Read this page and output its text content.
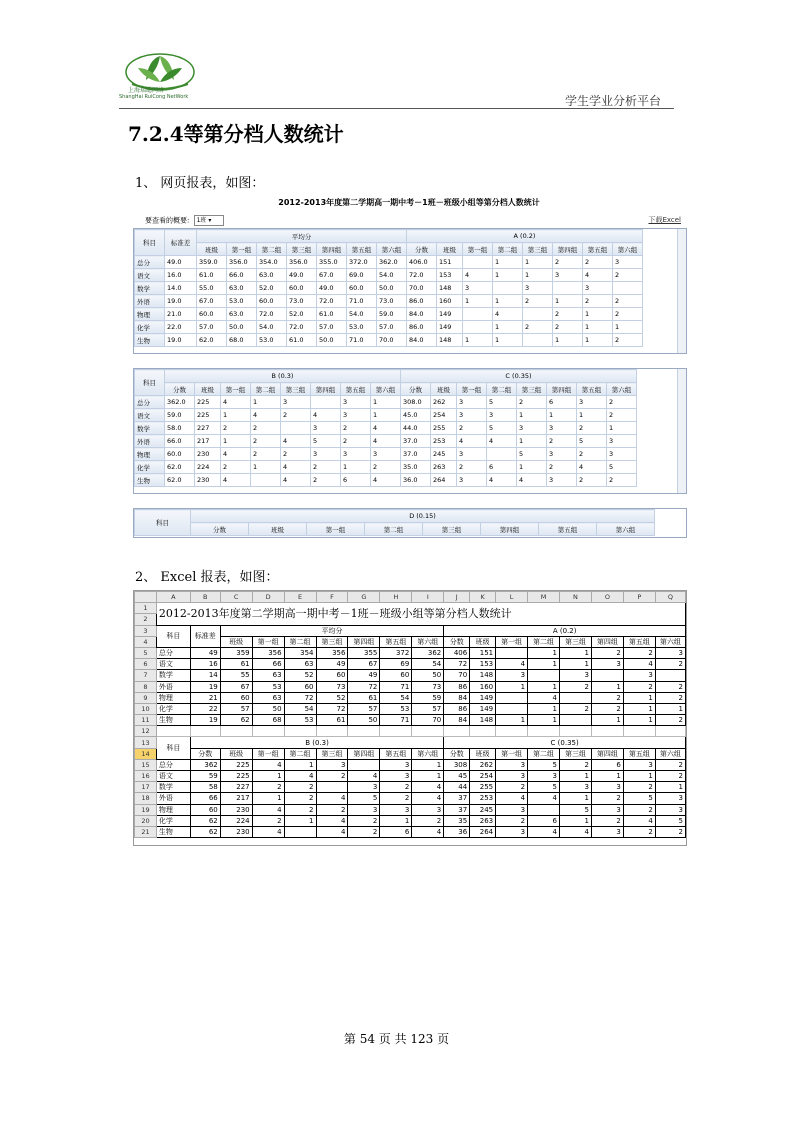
上海瑞聪网络
ShangHai RuiCong NetWork	学生学业分析平台
7.2.4等第分档人数统计
1、 网页报表，如图：
2012-2013年度第二学期高一期中考－1班－班级小组等第分档人数统计
要查看的概要: 1班 ▾	下载Excel
科目	标准差	平均分							A (0.2)							
		班级	第一组	第二组	第三组	第四组	第五组	第六组	分数	班级	第一组	第二组	第三组	第四组	第五组	第六组
总分	49.0	359.0	356.0	354.0	356.0	355.0	372.0	362.0	406.0	151		1	1	2	2	3
语文	16.0	61.0	66.0	63.0	49.0	67.0	69.0	54.0	72.0	153	4	1	1	3	4	2
数学	14.0	55.0	63.0	52.0	60.0	49.0	60.0	50.0	70.0	148	3		3		3	
外语	19.0	67.0	53.0	60.0	73.0	72.0	71.0	73.0	86.0	160	1	1	2	1	2	2
物理	21.0	60.0	63.0	72.0	52.0	61.0	54.0	59.0	84.0	149		4		2	1	2
化学	22.0	57.0	50.0	54.0	72.0	57.0	53.0	57.0	86.0	149		1	2	2	1	1
生物	19.0	62.0	68.0	53.0	61.0	50.0	71.0	70.0	84.0	148	1	1		1	1	2
科目	B (0.3)								C (0.35)							
	分数	班级	第一组	第二组	第三组	第四组	第五组	第六组	分数	班级	第一组	第二组	第三组	第四组	第五组	第六组
总分	362.0	225	4	1	3		3	1	308.0	262	3	5	2	6	3	2
语文	59.0	225	1	4	2	4	3	1	45.0	254	3	3	1	1	1	2
数学	58.0	227	2	2		3	2	4	44.0	255	2	5	3	3	2	1
外语	66.0	217	1	2	4	5	2	4	37.0	253	4	4	1	2	5	3
物理	60.0	230	4	2	2	3	3	3	37.0	245	3		5	3	2	3
化学	62.0	224	2	1	4	2	1	2	35.0	263	2	6	1	2	4	5
生物	62.0	230	4		4	2	6	4	36.0	264	3	4	4	3	2	2
科目	D (0.15)							
	分数	班级	第一组	第二组	第三组	第四组	第五组	第六组
2、 Excel 报表，如图：
	A	B	C	D	E	F	G	H	I	J	K	L	M	N	O	P	Q
1	2012-2013年度第二学期高一期中考－1班－班级小组等第分档人数统计																
2																	
3	科目	标准差	平均分							A (0.2)							
4			班级	第一组	第二组	第三组	第四组	第五组	第六组	分数	班级	第一组	第二组	第三组	第四组	第五组	第六组
5	总分	49	359	356	354	356	355	372	362	406	151		1	1	2	2	3
6	语文	16	61	66	63	49	67	69	54	72	153	4	1	1	3	4	2
7	数学	14	55	63	52	60	49	60	50	70	148	3		3		3	
8	外语	19	67	53	60	73	72	71	73	86	160	1	1	2	1	2	2
9	物理	21	60	63	72	52	61	54	59	84	149		4		2	1	2
10	化学	22	57	50	54	72	57	53	57	86	149		1	2	2	1	1
11	生物	19	62	68	53	61	50	71	70	84	148	1	1		1	1	2
12																	
13	科目	B (0.3)								C (0.35)							
14		分数	班级	第一组	第二组	第三组	第四组	第五组	第六组	分数	班级	第一组	第二组	第三组	第四组	第五组	第六组
15	总分	362	225	4	1	3		3	1	308	262	3	5	2	6	3	2
16	语文	59	225	1	4	2	4	3	1	45	254	3	3	1	1	1	2
17	数学	58	227	2	2		3	2	4	44	255	2	5	3	3	2	1
18	外语	66	217	1	2	4	5	2	4	37	253	4	4	1	2	5	3
19	物理	60	230	4	2	2	3	3	3	37	245	3		5	3	2	3
20	化学	62	224	2	1	4	2	1	2	35	263	2	6	1	2	4	5
21	生物	62	230	4		4	2	6	4	36	264	3	4	4	3	2	2
第 54 页 共 123 页
